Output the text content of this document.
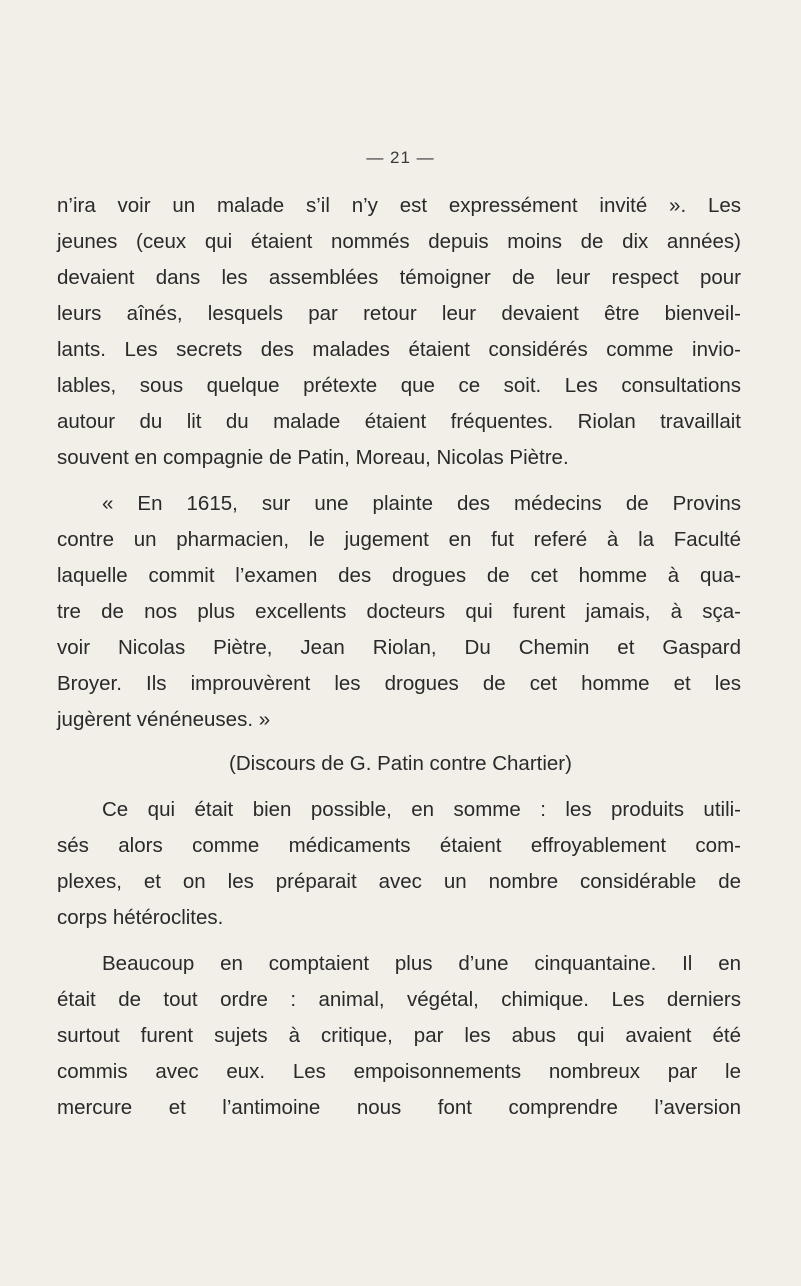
— 21 —
n’ira voir un malade s’il n’y est expressément invité ». Les
jeunes (ceux qui étaient nommés depuis moins de dix années)
devaient dans les assemblées témoigner de leur respect pour
leurs aînés, lesquels par retour leur devaient être bienveil-
lants. Les secrets des malades étaient considérés comme invio-
lables, sous quelque prétexte que ce soit. Les consultations
autour du lit du malade étaient fréquentes. Riolan travaillait
souvent en compagnie de Patin, Moreau, Nicolas Piètre.
« En 1615, sur une plainte des médecins de Provins
contre un pharmacien, le jugement en fut referé à la Faculté
laquelle commit l’examen des drogues de cet homme à qua-
tre de nos plus excellents docteurs qui furent jamais, à sça-
voir Nicolas Piètre, Jean Riolan, Du Chemin et Gaspard
Broyer. Ils improuvèrent les drogues de cet homme et les
jugèrent vénéneuses. »
(Discours de G. Patin contre Chartier)
Ce qui était bien possible, en somme : les produits utili-
sés alors comme médicaments étaient effroyablement com-
plexes, et on les préparait avec un nombre considérable de
corps hétéroclites.
Beaucoup en comptaient plus d’une cinquantaine. Il en
était de tout ordre : animal, végétal, chimique. Les derniers
surtout furent sujets à critique, par les abus qui avaient été
commis avec eux. Les empoisonnements nombreux par le
mercure et l’antimoine nous font comprendre l’aversion
